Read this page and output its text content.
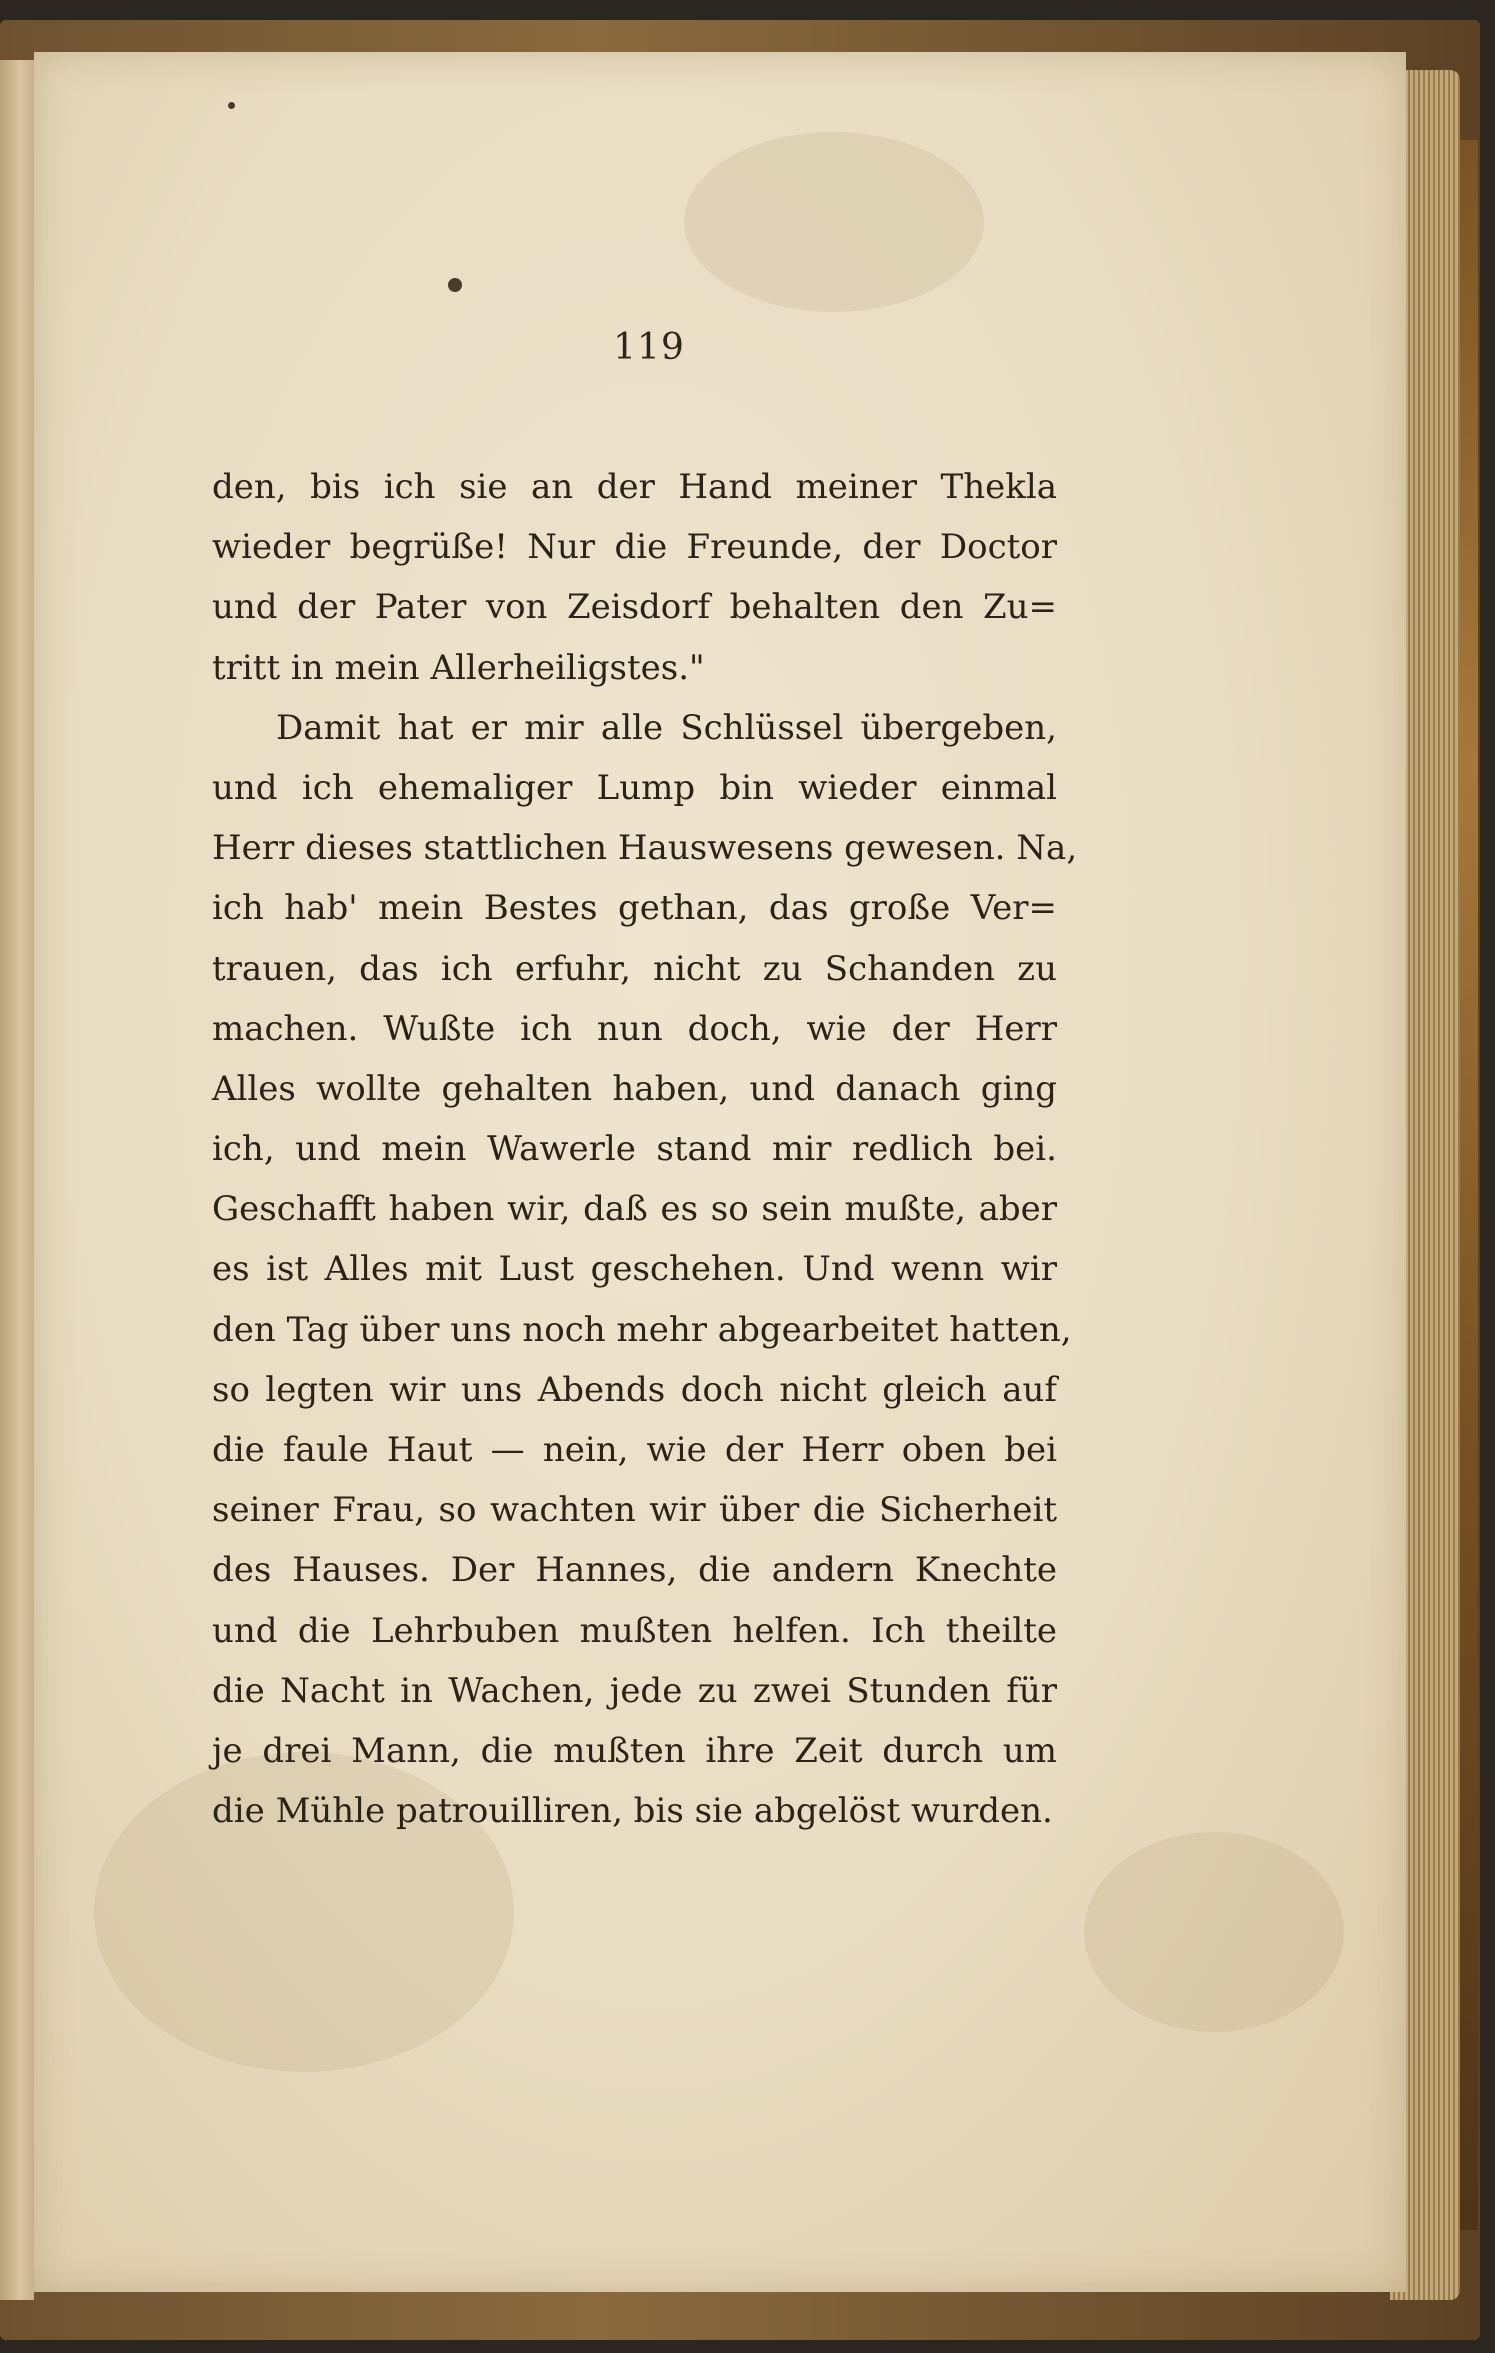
119
den, bis ich sie an der Hand meiner Thekla
wieder begrüße! Nur die Freunde, der Doctor
und der Pater von Zeisdorf behalten den Zu=
tritt in mein Allerheiligstes."
Damit hat er mir alle Schlüssel übergeben,
und ich ehemaliger Lump bin wieder einmal
Herr dieses stattlichen Hauswesens gewesen. Na,
ich hab' mein Bestes gethan, das große Ver=
trauen, das ich erfuhr, nicht zu Schanden zu
machen. Wußte ich nun doch, wie der Herr
Alles wollte gehalten haben, und danach ging
ich, und mein Wawerle stand mir redlich bei.
Geschafft haben wir, daß es so sein mußte, aber
es ist Alles mit Lust geschehen. Und wenn wir
den Tag über uns noch mehr abgearbeitet hatten,
so legten wir uns Abends doch nicht gleich auf
die faule Haut — nein, wie der Herr oben bei
seiner Frau, so wachten wir über die Sicherheit
des Hauses. Der Hannes, die andern Knechte
und die Lehrbuben mußten helfen. Ich theilte
die Nacht in Wachen, jede zu zwei Stunden für
je drei Mann, die mußten ihre Zeit durch um
die Mühle patrouilliren, bis sie abgelöst wurden.
